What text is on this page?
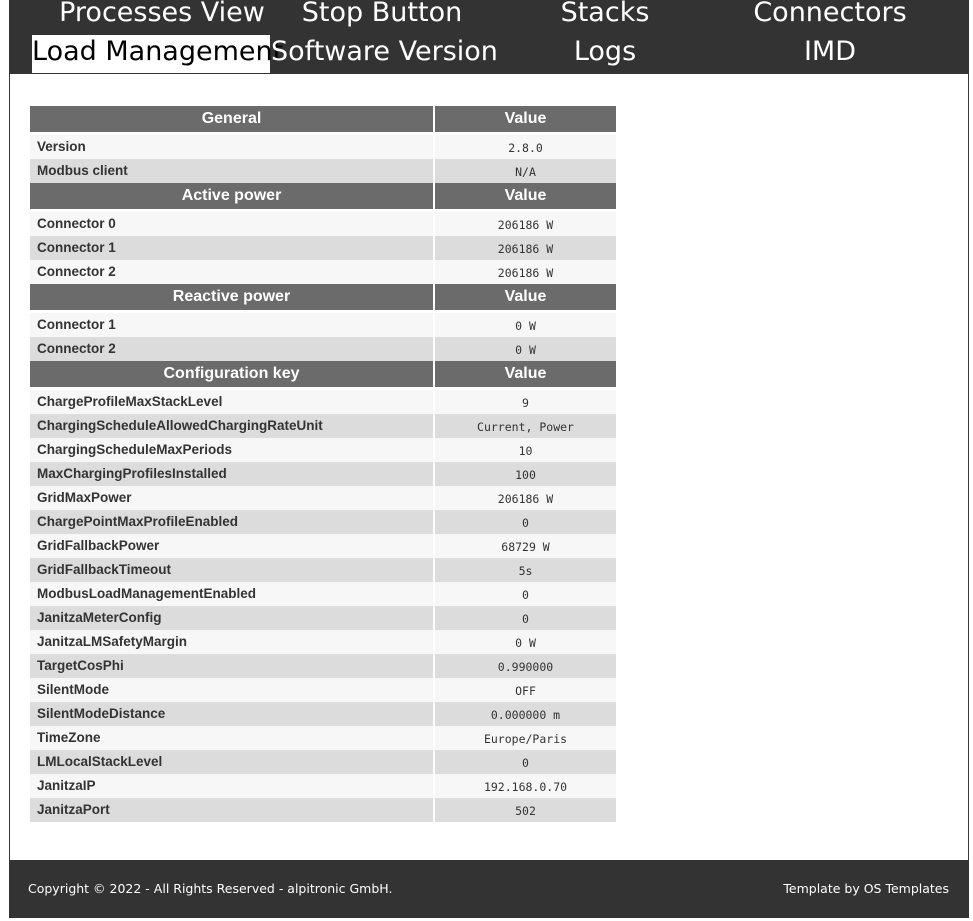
Processes View	Stop Button	Stacks	Connectors
Load Management
Software Version	Logs	IMD
General	Value
Version	2.8.0
Modbus client	N/A
Active power	Value
Connector 0	206186 W
Connector 1	206186 W
Connector 2	206186 W
Reactive power	Value
Connector 1	0 W
Connector 2	0 W
Configuration key	Value
ChargeProfileMaxStackLevel	9
ChargingScheduleAllowedChargingRateUnit	Current, Power
ChargingScheduleMaxPeriods	10
MaxChargingProfilesInstalled	100
GridMaxPower	206186 W
ChargePointMaxProfileEnabled	0
GridFallbackPower	68729 W
GridFallbackTimeout	5s
ModbusLoadManagementEnabled	0
JanitzaMeterConfig	0
JanitzaLMSafetyMargin	0 W
TargetCosPhi	0.990000
SilentMode	OFF
SilentModeDistance	0.000000 m
TimeZone	Europe/Paris
LMLocalStackLevel	0
JanitzaIP	192.168.0.70
JanitzaPort	502
Copyright © 2022 - All Rights Reserved - alpitronic GmbH.	Template by OS Templates
